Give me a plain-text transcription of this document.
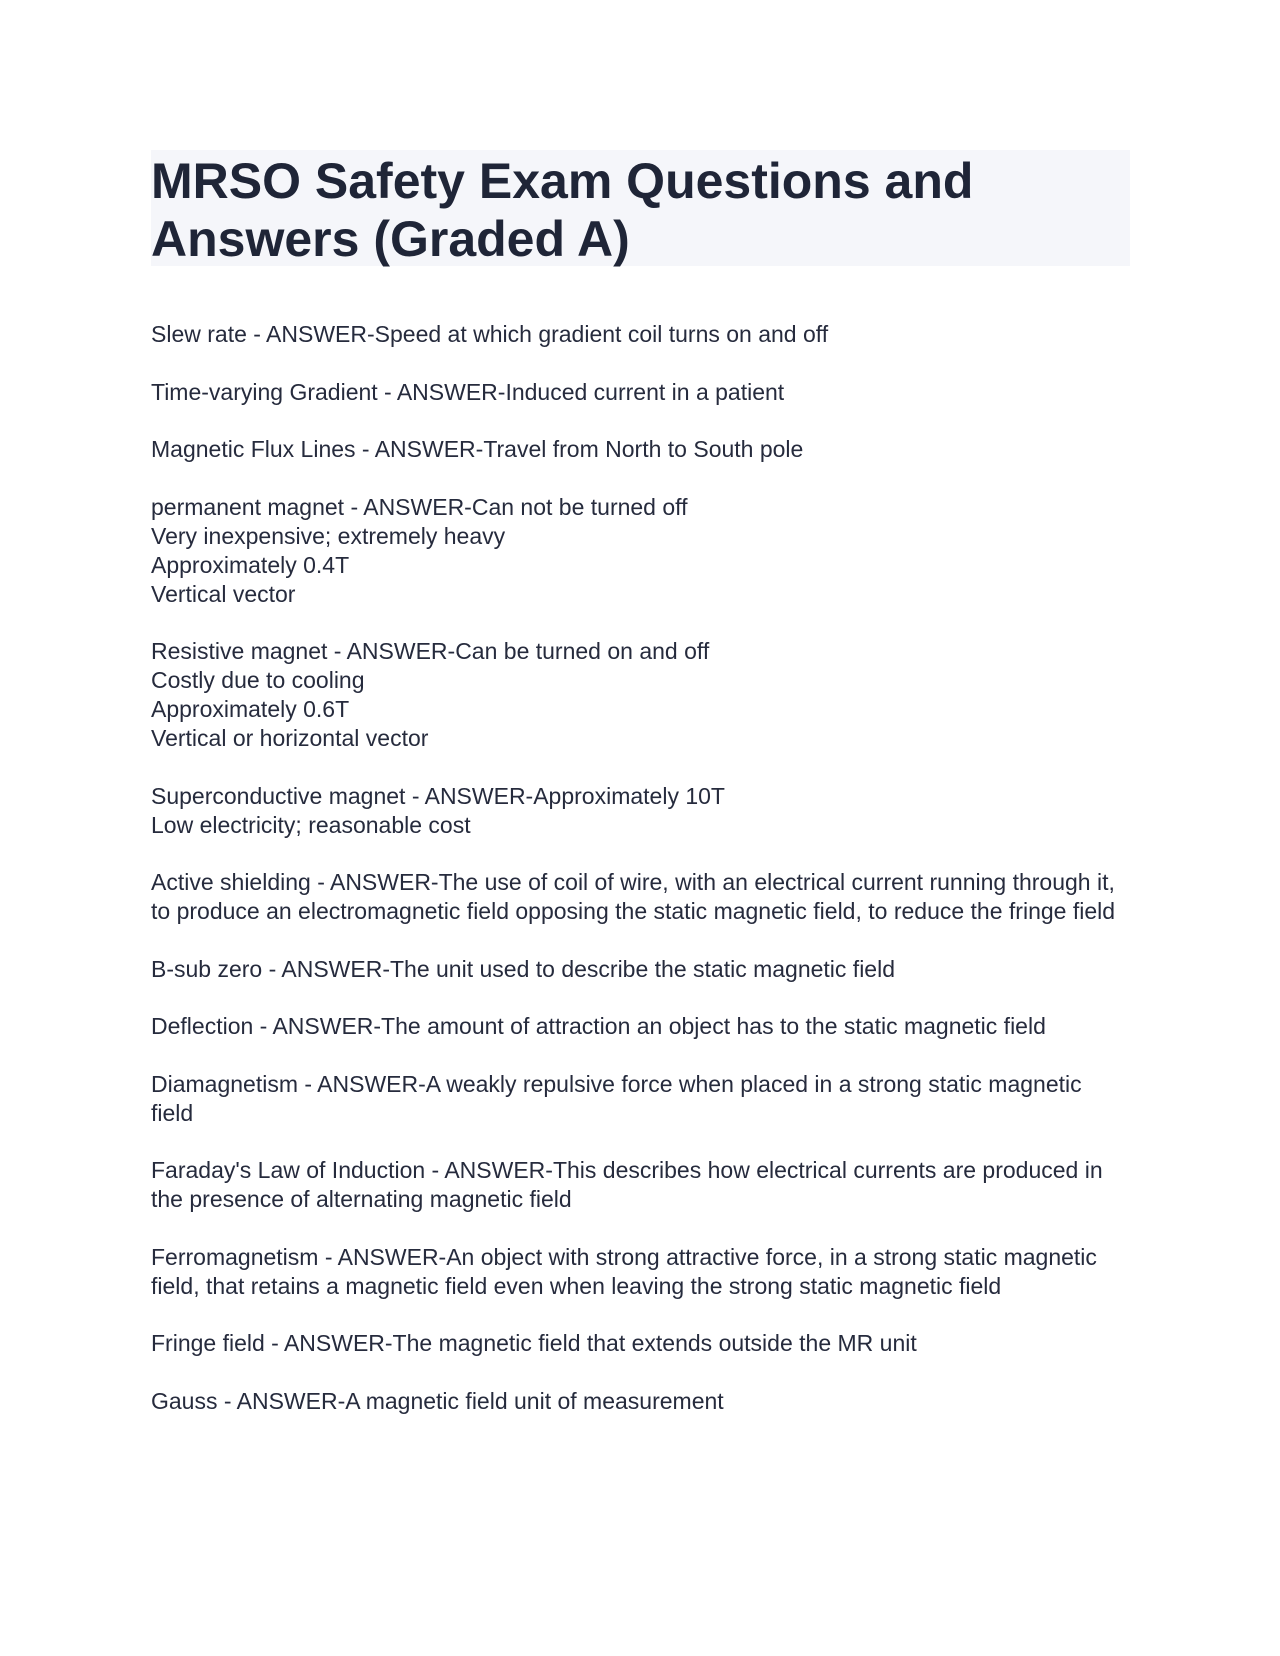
MRSO Safety Exam Questions and Answers (Graded A)
Slew rate - ANSWER-Speed at which gradient coil turns on and off
Time-varying Gradient - ANSWER-Induced current in a patient
Magnetic Flux Lines - ANSWER-Travel from North to South pole
permanent magnet - ANSWER-Can not be turned off
Very inexpensive; extremely heavy
Approximately 0.4T
Vertical vector
Resistive magnet - ANSWER-Can be turned on and off
Costly due to cooling
Approximately 0.6T
Vertical or horizontal vector
Superconductive magnet - ANSWER-Approximately 10T
Low electricity; reasonable cost
Active shielding - ANSWER-The use of coil of wire, with an electrical current running through it, to produce an electromagnetic field opposing the static magnetic field, to reduce the fringe field
B-sub zero - ANSWER-The unit used to describe the static magnetic field
Deflection - ANSWER-The amount of attraction an object has to the static magnetic field
Diamagnetism - ANSWER-A weakly repulsive force when placed in a strong static magnetic field
Faraday's Law of Induction - ANSWER-This describes how electrical currents are produced in the presence of alternating magnetic field
Ferromagnetism - ANSWER-An object with strong attractive force, in a strong static magnetic field, that retains a magnetic field even when leaving the strong static magnetic field
Fringe field - ANSWER-The magnetic field that extends outside the MR unit
Gauss - ANSWER-A magnetic field unit of measurement
